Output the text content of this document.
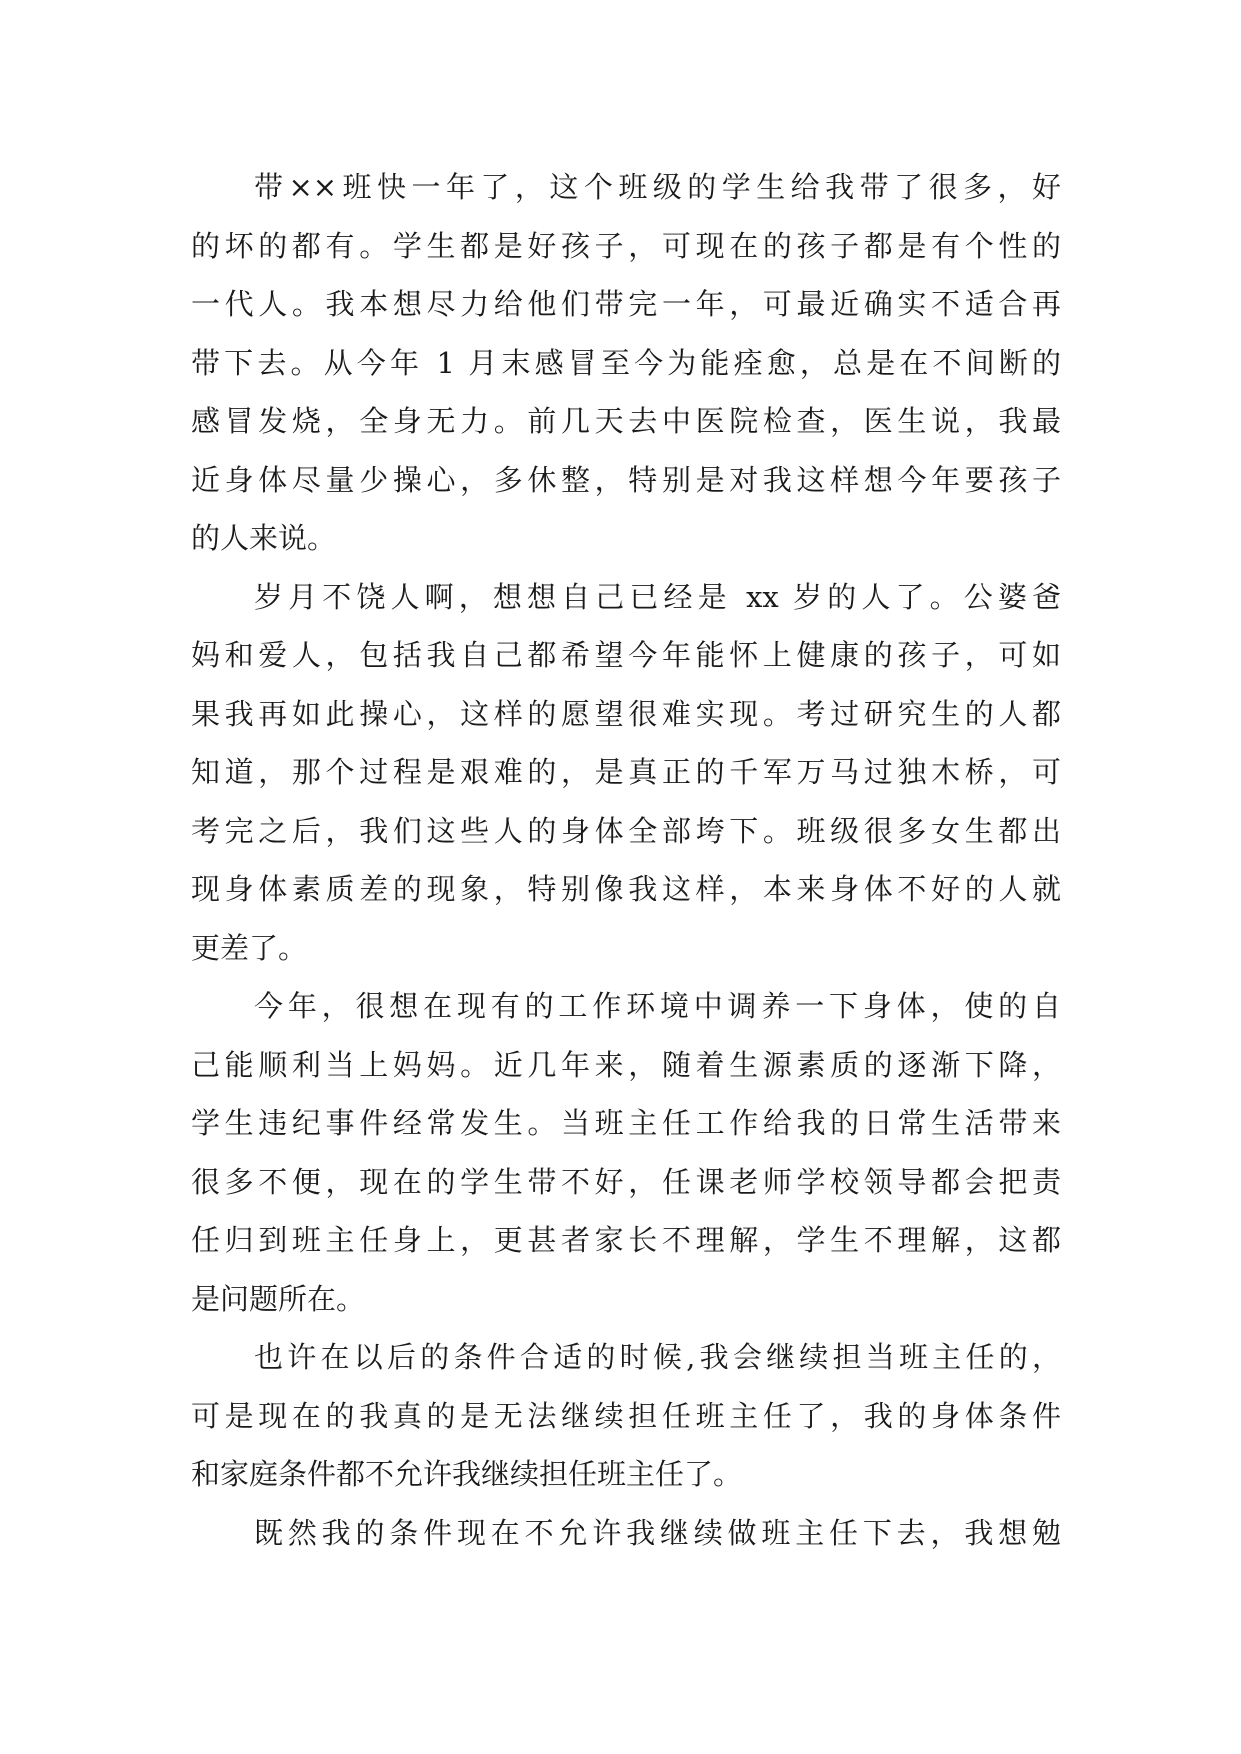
带××班快一年了，这个班级的学生给我带了很多，好
的坏的都有。学生都是好孩子，可现在的孩子都是有个性的
一代人。我本想尽力给他们带完一年，可最近确实不适合再
带下去。从今年 1 月末感冒至今为能痊愈，总是在不间断的
感冒发烧，全身无力。前几天去中医院检查，医生说，我最
近身体尽量少操心，多休整，特别是对我这样想今年要孩子
的人来说。
岁月不饶人啊，想想自己已经是 xx 岁的人了。公婆爸
妈和爱人，包括我自己都希望今年能怀上健康的孩子，可如
果我再如此操心，这样的愿望很难实现。考过研究生的人都
知道，那个过程是艰难的，是真正的千军万马过独木桥，可
考完之后，我们这些人的身体全部垮下。班级很多女生都出
现身体素质差的现象，特别像我这样，本来身体不好的人就
更差了。
今年，很想在现有的工作环境中调养一下身体，使的自
己能顺利当上妈妈。近几年来，随着生源素质的逐渐下降，
学生违纪事件经常发生。当班主任工作给我的日常生活带来
很多不便，现在的学生带不好，任课老师学校领导都会把责
任归到班主任身上，更甚者家长不理解，学生不理解，这都
是问题所在。
也许在以后的条件合适的时候,我会继续担当班主任的，
可是现在的我真的是无法继续担任班主任了，我的身体条件
和家庭条件都不允许我继续担任班主任了。
既然我的条件现在不允许我继续做班主任下去，我想勉
